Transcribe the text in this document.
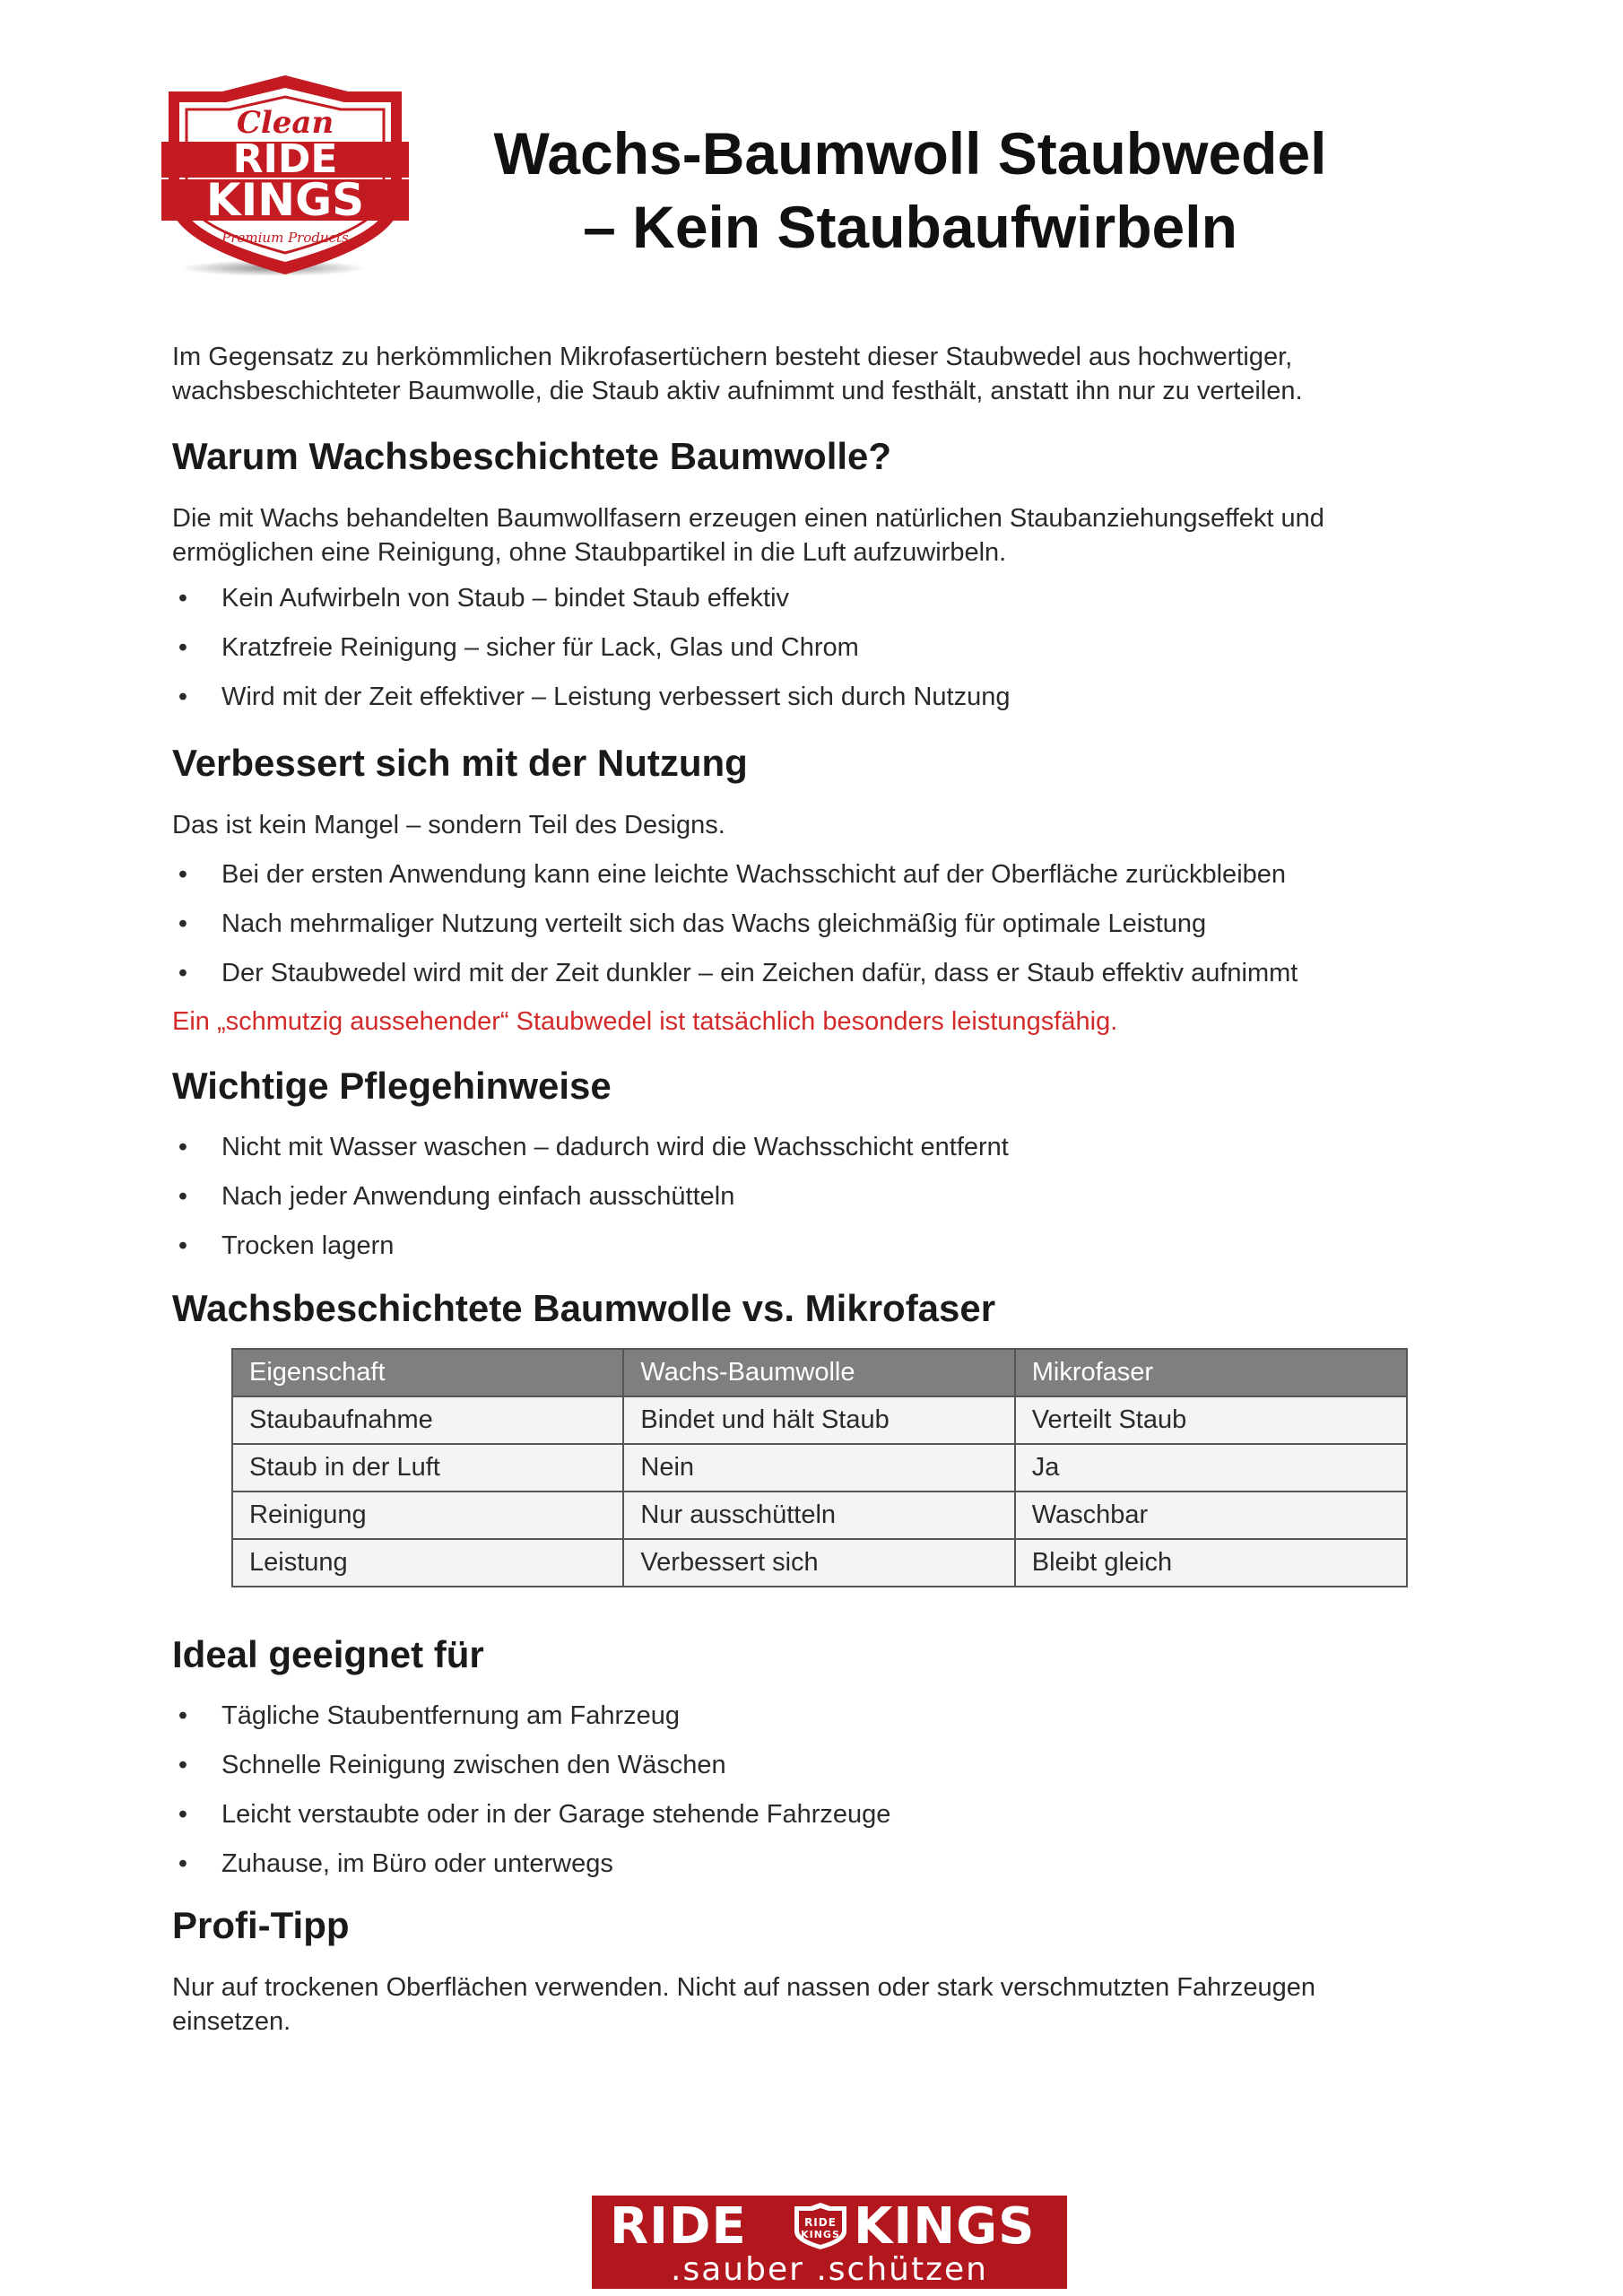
Clean
RIDE
KINGS
Premium Products
Wachs-Baumwoll Staubwedel
– Kein Staubaufwirbeln
Im Gegensatz zu herkömmlichen Mikrofasertüchern besteht dieser Staubwedel aus hochwertiger,
wachsbeschichteter Baumwolle, die Staub aktiv aufnimmt und festhält, anstatt ihn nur zu verteilen.
Warum Wachsbeschichtete Baumwolle?
Die mit Wachs behandelten Baumwollfasern erzeugen einen natürlichen Staubanziehungseffekt und
ermöglichen eine Reinigung, ohne Staubpartikel in die Luft aufzuwirbeln.
• Kein Aufwirbeln von Staub – bindet Staub effektiv
• Kratzfreie Reinigung – sicher für Lack, Glas und Chrom
• Wird mit der Zeit effektiver – Leistung verbessert sich durch Nutzung
Verbessert sich mit der Nutzung
Das ist kein Mangel – sondern Teil des Designs.
• Bei der ersten Anwendung kann eine leichte Wachsschicht auf der Oberfläche zurückbleiben
• Nach mehrmaliger Nutzung verteilt sich das Wachs gleichmäßig für optimale Leistung
• Der Staubwedel wird mit der Zeit dunkler – ein Zeichen dafür, dass er Staub effektiv aufnimmt
Ein „schmutzig aussehender“ Staubwedel ist tatsächlich besonders leistungsfähig.
Wichtige Pflegehinweise
• Nicht mit Wasser waschen – dadurch wird die Wachsschicht entfernt
• Nach jeder Anwendung einfach ausschütteln
• Trocken lagern
Wachsbeschichtete Baumwolle vs. Mikrofaser
Eigenschaft	Wachs-Baumwolle	Mikrofaser
Staubaufnahme	Bindet und hält Staub	Verteilt Staub
Staub in der Luft	Nein	Ja
Reinigung	Nur ausschütteln	Waschbar
Leistung	Verbessert sich	Bleibt gleich
Ideal geeignet für
• Tägliche Staubentfernung am Fahrzeug
• Schnelle Reinigung zwischen den Wäschen
• Leicht verstaubte oder in der Garage stehende Fahrzeuge
• Zuhause, im Büro oder unterwegs
Profi-Tipp
Nur auf trockenen Oberflächen verwenden. Nicht auf nassen oder stark verschmutzten Fahrzeugen
einsetzen.
RIDE	RIDE
KINGS KINGS
.sauber .schützen
